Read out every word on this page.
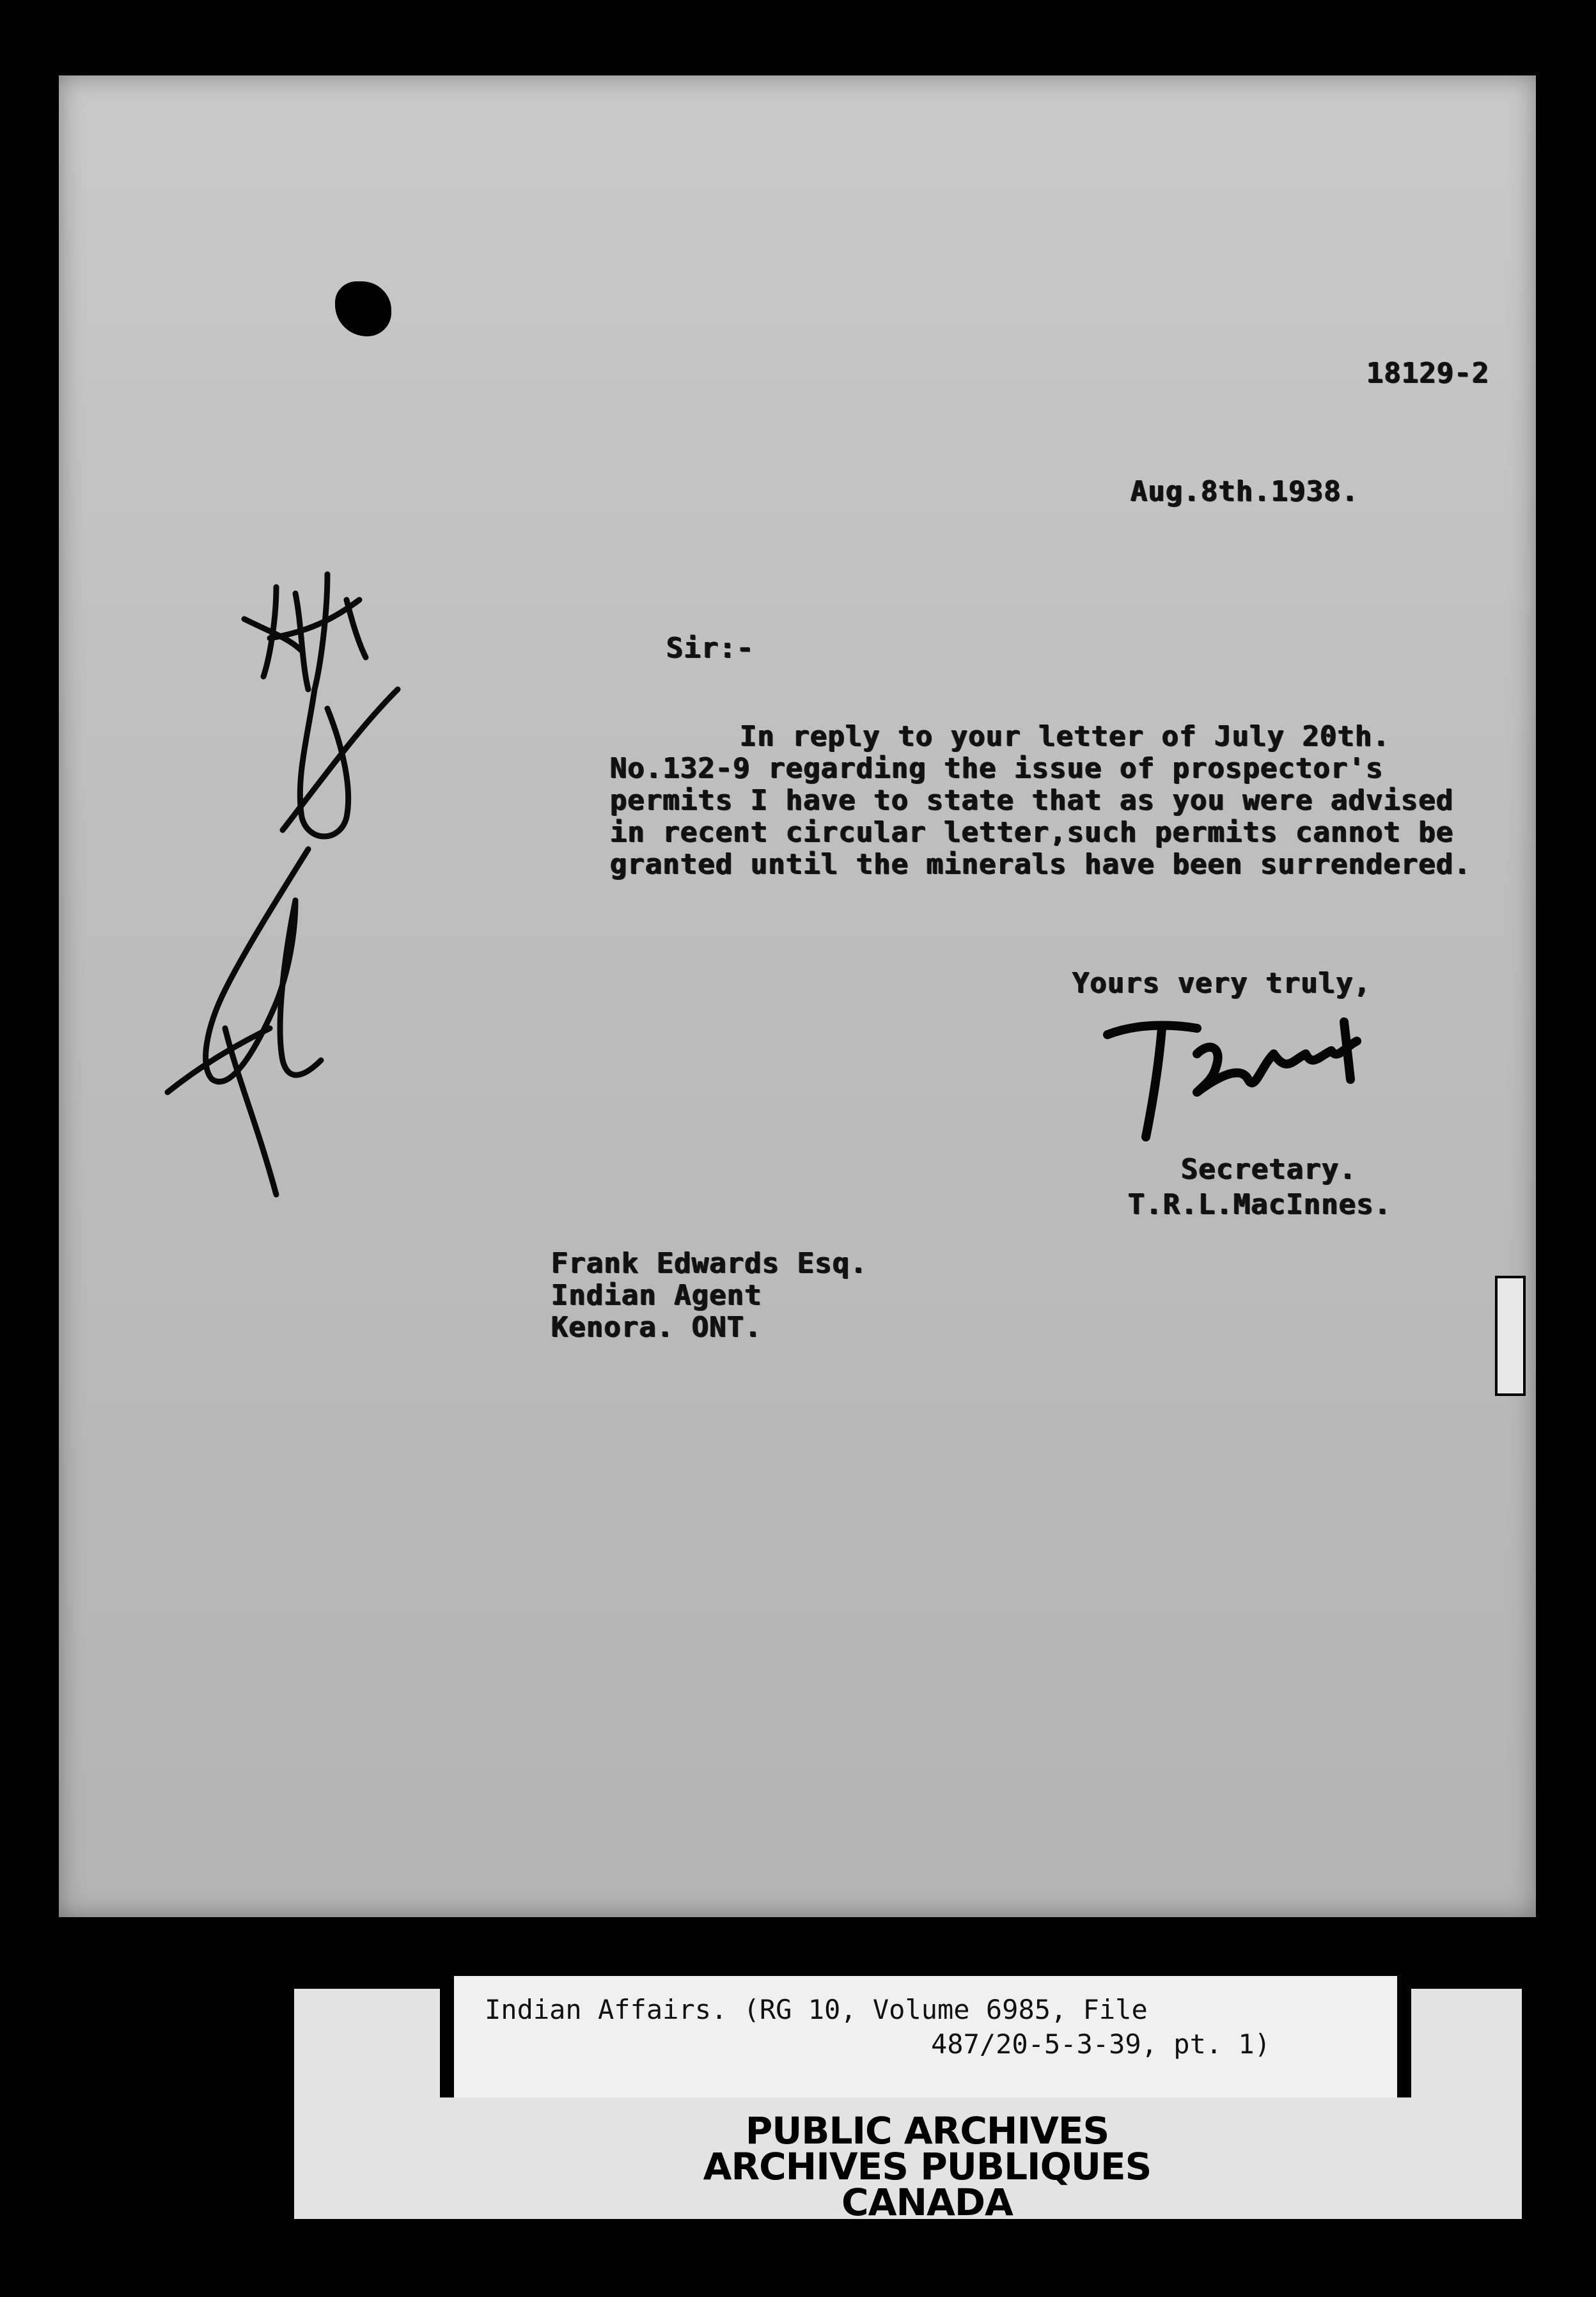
18129-2
Aug.8th.1938.
Sir:-
In reply to your letter of July 20th.
No.132-9 regarding the issue of prospector's
permits I have to state that as you were advised
in recent circular letter,such permits cannot be
granted until the minerals have been surrendered.
Yours very truly,
Secretary.
T.R.L.MacInnes.
Frank Edwards Esq.
Indian Agent
Kenora. ONT.
Indian Affairs. (RG 10, Volume 6985, File
487/20-5-3-39, pt. 1)
PUBLIC ARCHIVES
ARCHIVES PUBLIQUES
CANADA
